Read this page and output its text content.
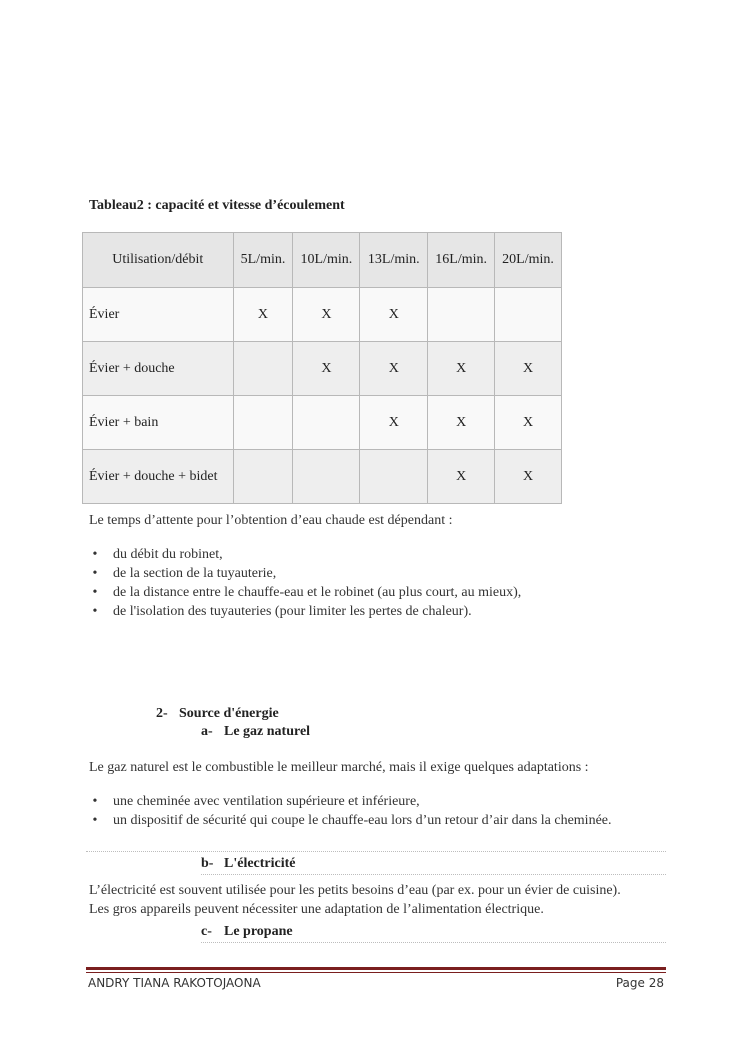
Tableau2 : capacité et vitesse d’écoulement
Utilisation/débit	5L/min.	10L/min.	13L/min.	16L/min.	20L/min.
Évier	X	X	X		
Évier + douche		X	X	X	X
Évier + bain			X	X	X
Évier + douche + bidet				X	X
Le temps d’attente pour l’obtention d’eau chaude est dépendant :
• du débit du robinet,
• de la section de la tuyauterie,
• de la distance entre le chauffe-eau et le robinet (au plus court, au mieux),
• de l'isolation des tuyauteries (pour limiter les pertes de chaleur).
2- Source d'énergie
a- Le gaz naturel
Le gaz naturel est le combustible le meilleur marché, mais il exige quelques adaptations :
• une cheminée avec ventilation supérieure et inférieure,
• un dispositif de sécurité qui coupe le chauffe-eau lors d’un retour d’air dans la cheminée.
b- L'électricité
L’électricité est souvent utilisée pour les petits besoins d’eau (par ex. pour un évier de cuisine).
Les gros appareils peuvent nécessiter une adaptation de l’alimentation électrique.
c- Le propane
ANDRY TIANA RAKOTOJAONA	Page 28
